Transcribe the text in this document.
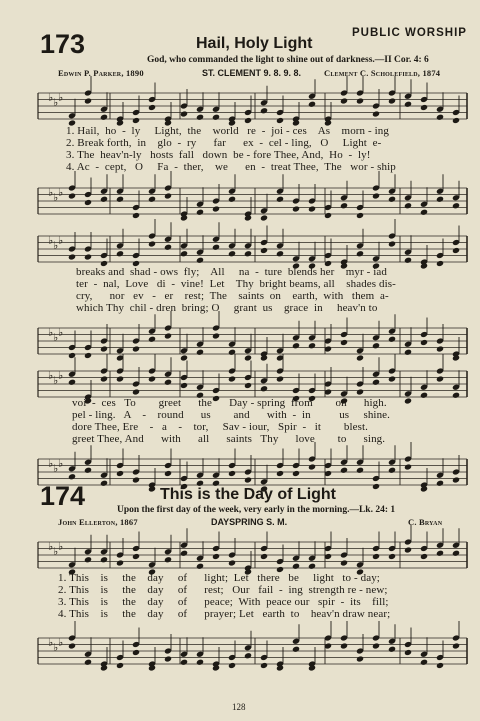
173	Hail, Holy Light
PUBLIC WORSHIP
God, who commanded the light to shine out of darkness.—II Cor. 4: 6
Edwin P. Parker, 1890	ST. CLEMENT 9. 8. 9. 8.	Clement C. Scholefield, 1874
♭ ♭ ♭
1. Hail,  ho  -  ly     Light,  the    world   re  -  joi - ces    As    morn - ing
2. Break forth,  in    glo  -  ry      far      ex  -  cel - ling,   O     Light  e-
3. The  heav'n-ly   hosts  fall   down  be - fore Thee, And,  Ho  -  ly!
4. Ac  -  cept,   O     Fa  -  ther,    we      en  -  treat Thee,  The   wor - ship
♭ ♭ ♭
♭ ♭ ♭
breaks and  shad - ows  fly;    All     na  -  ture  blends her    myr - iad
ter  -  nal,  Love   di  -  vine!  Let    Thy  bright beams, all    shades dis-
cry,      nor   ev   -   er    rest;  The    saints  on    earth,  with   them  a-
which Thy  chil - dren  bring; O     grant  us    grace  in     heav'n to
♭ ♭ ♭
♭ ♭ ♭
voi  -  ces   To        greet      the      Day - spring  from        on      high.
pel - ling.   A    -    round      us        and      with  -  in          us     shine.
dore Thee, Ere    -   a    -    tor,     Sav - iour,   Spir  -   it        blest.
greet Thee, And      with      all      saints   Thy      love        to      sing.
♭ ♭ ♭
174	This is the Day of Light
Upon the first day of the week, very early in the morning.—Lk. 24: 1
John Ellerton, 1867	DAYSPRING S. M.	C. Bryan
♭ ♭ ♭
1. This    is     the    day     of      light;  Let   there   be     light   to - day;
2. This    is     the    day     of      rest;   Our   fail  -  ing  strength re - new;
3. This    is     the    day     of      peace;  With  peace our   spir  -  its    fill;
4. This    is     the    day     of      prayer; Let   earth  to    heav'n draw near;
♭ ♭ ♭
128
